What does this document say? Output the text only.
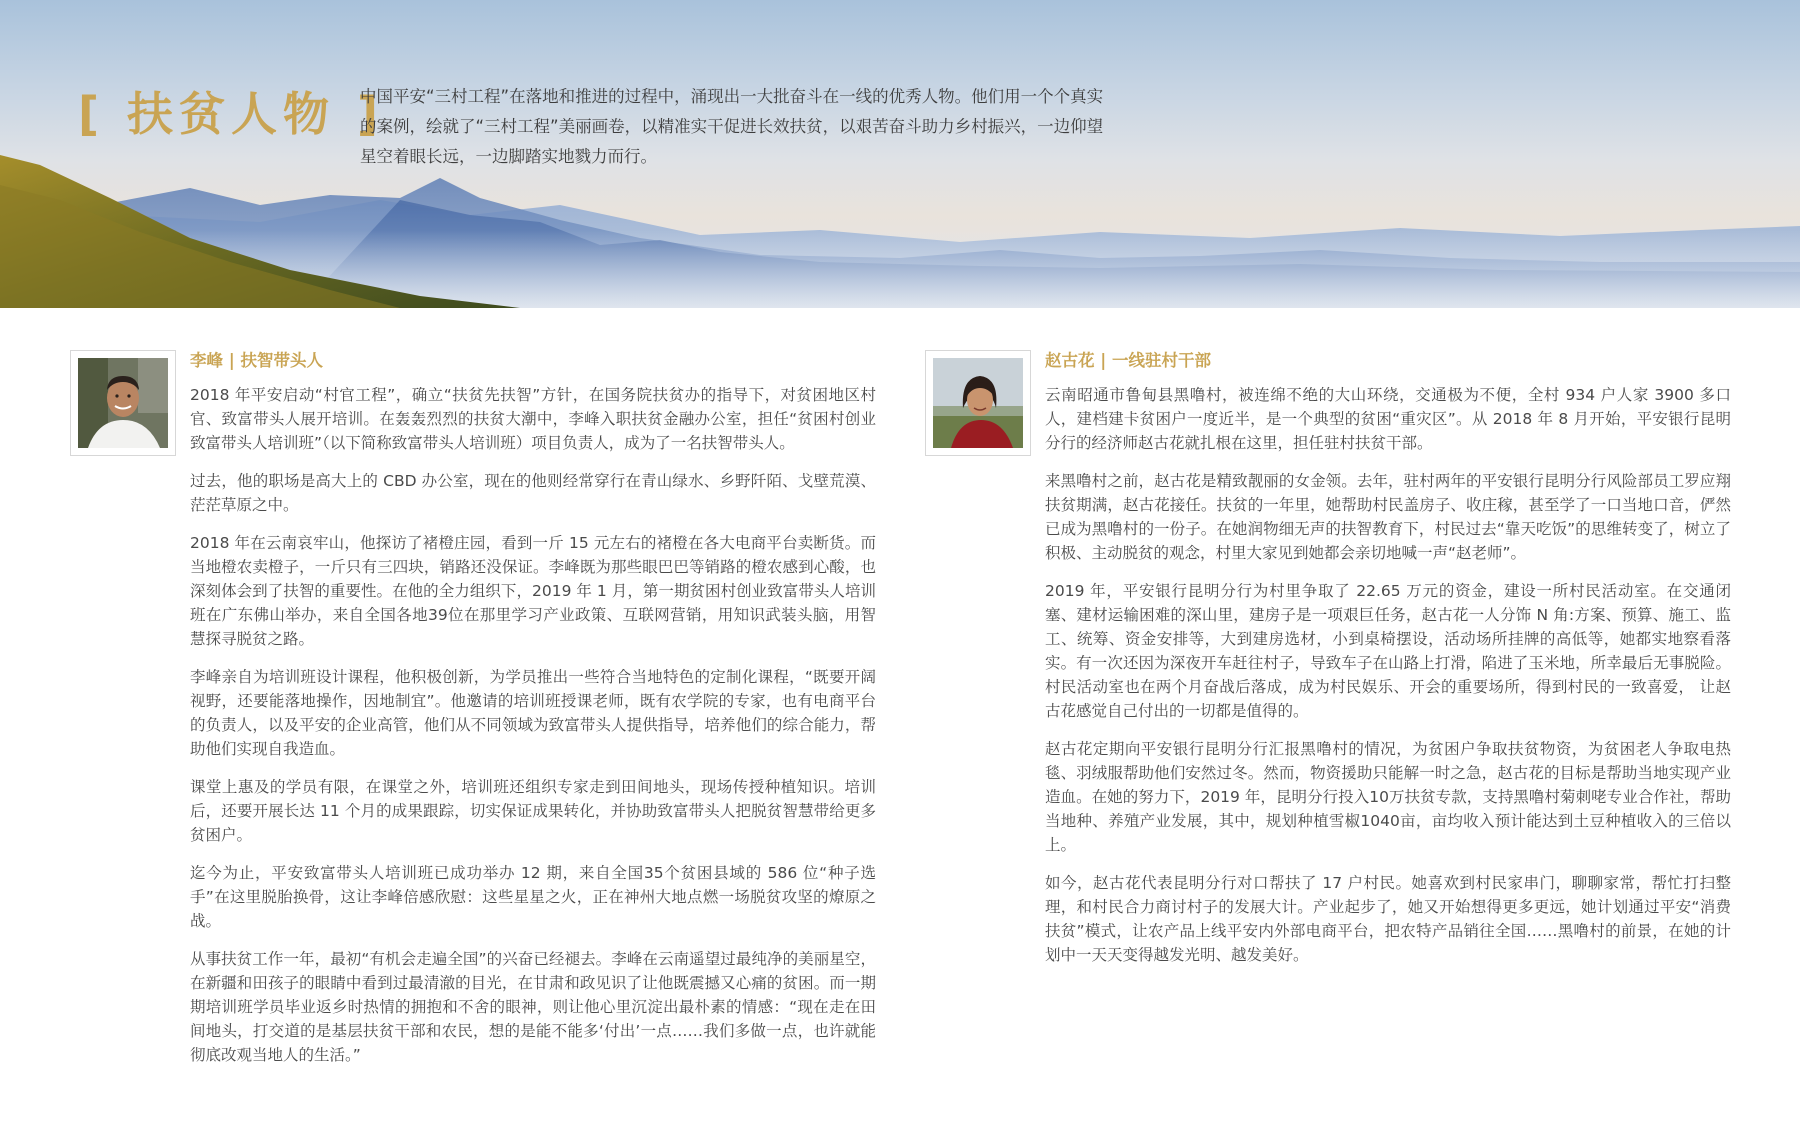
[ 扶贫人物 ]

中国平安“三村工程”在落地和推进的过程中，涌现出一大批奋斗在一线的优秀人物。他们用一个个真实的案例，绘就了“三村工程”美丽画卷，以精准实干促进长效扶贫，以艰苦奋斗助力乡村振兴，一边仰望星空着眼长远，一边脚踏实地戮力而行。

李峰 | 扶智带头人

2018 年平安启动“村官工程”，确立“扶贫先扶智”方针，在国务院扶贫办的指导下，对贫困地区村官、致富带头人展开培训。在轰轰烈烈的扶贫大潮中，李峰入职扶贫金融办公室，担任“贫困村创业致富带头人培训班”（以下简称致富带头人培训班）项目负责人，成为了一名扶智带头人。

过去，他的职场是高大上的 CBD 办公室，现在的他则经常穿行在青山绿水、乡野阡陌、戈壁荒漠、茫茫草原之中。

2018 年在云南哀牢山，他探访了褚橙庄园，看到一斤 15 元左右的褚橙在各大电商平台卖断货。而当地橙农卖橙子，一斤只有三四块，销路还没保证。李峰既为那些眼巴巴等销路的橙农感到心酸，也深刻体会到了扶智的重要性。在他的全力组织下，2019 年 1 月，第一期贫困村创业致富带头人培训班在广东佛山举办，来自全国各地39位在那里学习产业政策、互联网营销，用知识武装头脑，用智慧探寻脱贫之路。

李峰亲自为培训班设计课程，他积极创新，为学员推出一些符合当地特色的定制化课程，“既要开阔视野，还要能落地操作，因地制宜”。他邀请的培训班授课老师，既有农学院的专家，也有电商平台的负责人，以及平安的企业高管，他们从不同领域为致富带头人提供指导，培养他们的综合能力，帮助他们实现自我造血。

课堂上惠及的学员有限，在课堂之外，培训班还组织专家走到田间地头，现场传授种植知识。培训后，还要开展长达 11 个月的成果跟踪，切实保证成果转化，并协助致富带头人把脱贫智慧带给更多贫困户。

迄今为止，平安致富带头人培训班已成功举办 12 期，来自全国35个贫困县域的 586 位“种子选手”在这里脱胎换骨，这让李峰倍感欣慰：这些星星之火，正在神州大地点燃一场脱贫攻坚的燎原之战。

从事扶贫工作一年，最初“有机会走遍全国”的兴奋已经褪去。李峰在云南遥望过最纯净的美丽星空，在新疆和田孩子的眼睛中看到过最清澈的目光，在甘肃和政见识了让他既震撼又心痛的贫困。而一期期培训班学员毕业返乡时热情的拥抱和不舍的眼神，则让他心里沉淀出最朴素的情感：“现在走在田间地头，打交道的是基层扶贫干部和农民，想的是能不能多‘付出’一点……我们多做一点，也许就能彻底改观当地人的生活。”

赵古花 | 一线驻村干部

云南昭通市鲁甸县黑噜村，被连绵不绝的大山环绕，交通极为不便，全村 934 户人家 3900 多口人，建档建卡贫困户一度近半，是一个典型的贫困“重灾区”。从 2018 年 8 月开始，平安银行昆明分行的经济师赵古花就扎根在这里，担任驻村扶贫干部。

来黑噜村之前，赵古花是精致靓丽的女金领。去年，驻村两年的平安银行昆明分行风险部员工罗应翔扶贫期满，赵古花接任。扶贫的一年里，她帮助村民盖房子、收庄稼，甚至学了一口当地口音，俨然已成为黑噜村的一份子。在她润物细无声的扶智教育下，村民过去“靠天吃饭”的思维转变了，树立了积极、主动脱贫的观念，村里大家见到她都会亲切地喊一声“赵老师”。

2019 年，平安银行昆明分行为村里争取了 22.65 万元的资金，建设一所村民活动室。在交通闭塞、建材运输困难的深山里，建房子是一项艰巨任务，赵古花一人分饰 N 角:方案、预算、施工、监工、统筹、资金安排等，大到建房选材，小到桌椅摆设，活动场所挂牌的高低等，她都实地察看落实。有一次还因为深夜开车赶往村子，导致车子在山路上打滑，陷进了玉米地，所幸最后无事脱险。村民活动室也在两个月奋战后落成，成为村民娱乐、开会的重要场所，得到村民的一致喜爱， 让赵古花感觉自己付出的一切都是值得的。

赵古花定期向平安银行昆明分行汇报黑噜村的情况，为贫困户争取扶贫物资，为贫困老人争取电热毯、羽绒服帮助他们安然过冬。然而，物资援助只能解一时之急，赵古花的目标是帮助当地实现产业造血。在她的努力下，2019 年，昆明分行投入10万扶贫专款，支持黑噜村菊刺咾专业合作社，帮助当地种、养殖产业发展，其中，规划种植雪椒1040亩，亩均收入预计能达到土豆种植收入的三倍以上。

如今，赵古花代表昆明分行对口帮扶了 17 户村民。她喜欢到村民家串门，聊聊家常，帮忙打扫整理，和村民合力商讨村子的发展大计。产业起步了，她又开始想得更多更远，她计划通过平安“消费扶贫”模式，让农产品上线平安内外部电商平台，把农特产品销往全国……黑噜村的前景，在她的计划中一天天变得越发光明、越发美好。
